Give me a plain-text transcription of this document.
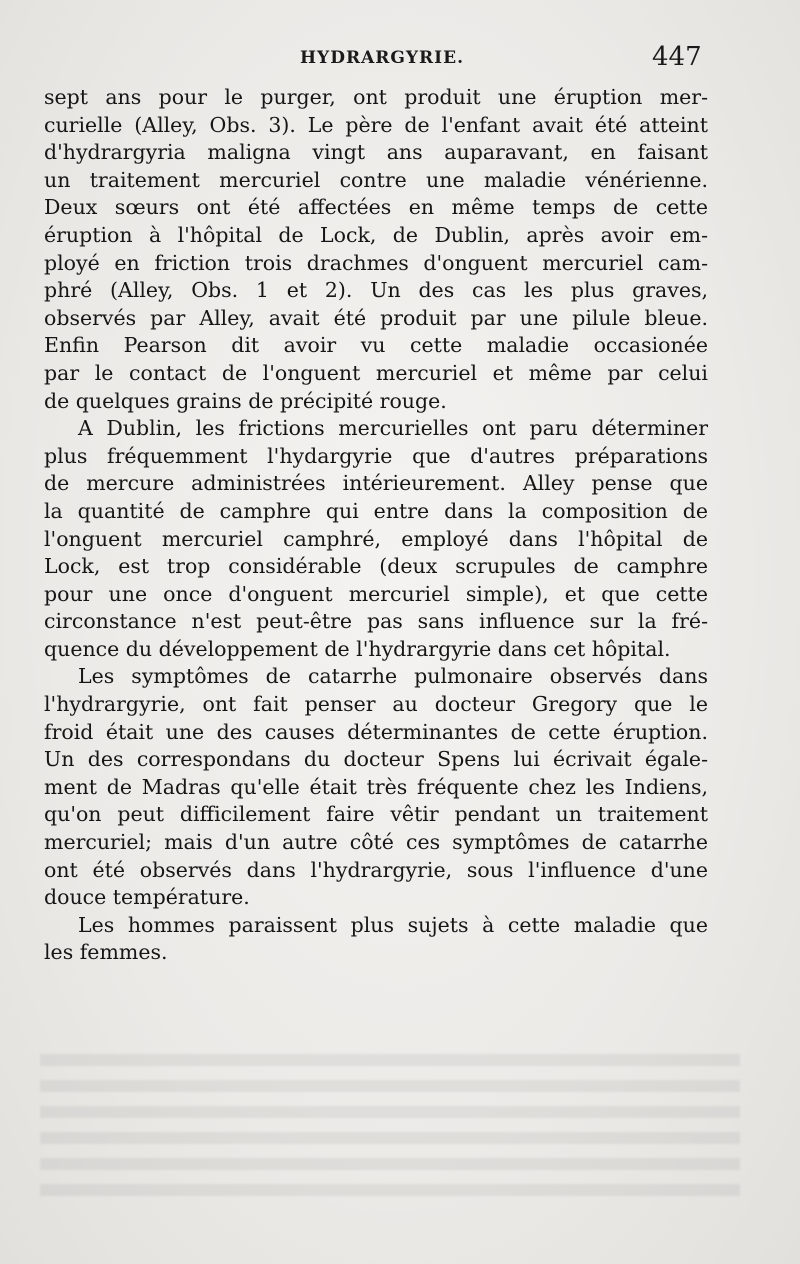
HYDRARGYRIE.	447

sept ans pour le purger, ont produit une éruption mer-

curielle (Alley, Obs. 3). Le père de l'enfant avait été atteint

d'hydrargyria maligna vingt ans auparavant, en faisant

un traitement mercuriel contre une maladie vénérienne.

Deux sœurs ont été affectées en même temps de cette

éruption à l'hôpital de Lock, de Dublin, après avoir em-

ployé en friction trois drachmes d'onguent mercuriel cam-

phré (Alley, Obs. 1 et 2). Un des cas les plus graves,

observés par Alley, avait été produit par une pilule bleue.

Enfin Pearson dit avoir vu cette maladie occasionée

par le contact de l'onguent mercuriel et même par celui

de quelques grains de précipité rouge.

A Dublin, les frictions mercurielles ont paru déterminer

plus fréquemment l'hydargyrie que d'autres préparations

de mercure administrées intérieurement. Alley pense que

la quantité de camphre qui entre dans la composition de

l'onguent mercuriel camphré, employé dans l'hôpital de

Lock, est trop considérable (deux scrupules de camphre

pour une once d'onguent mercuriel simple), et que cette

circonstance n'est peut-être pas sans influence sur la fré-

quence du développement de l'hydrargyrie dans cet hôpital.

Les symptômes de catarrhe pulmonaire observés dans

l'hydrargyrie, ont fait penser au docteur Gregory que le

froid était une des causes déterminantes de cette éruption.

Un des correspondans du docteur Spens lui écrivait égale-

ment de Madras qu'elle était très fréquente chez les Indiens,

qu'on peut difficilement faire vêtir pendant un traitement

mercuriel; mais d'un autre côté ces symptômes de catarrhe

ont été observés dans l'hydrargyrie, sous l'influence d'une

douce température.

Les hommes paraissent plus sujets à cette maladie que

les femmes.
